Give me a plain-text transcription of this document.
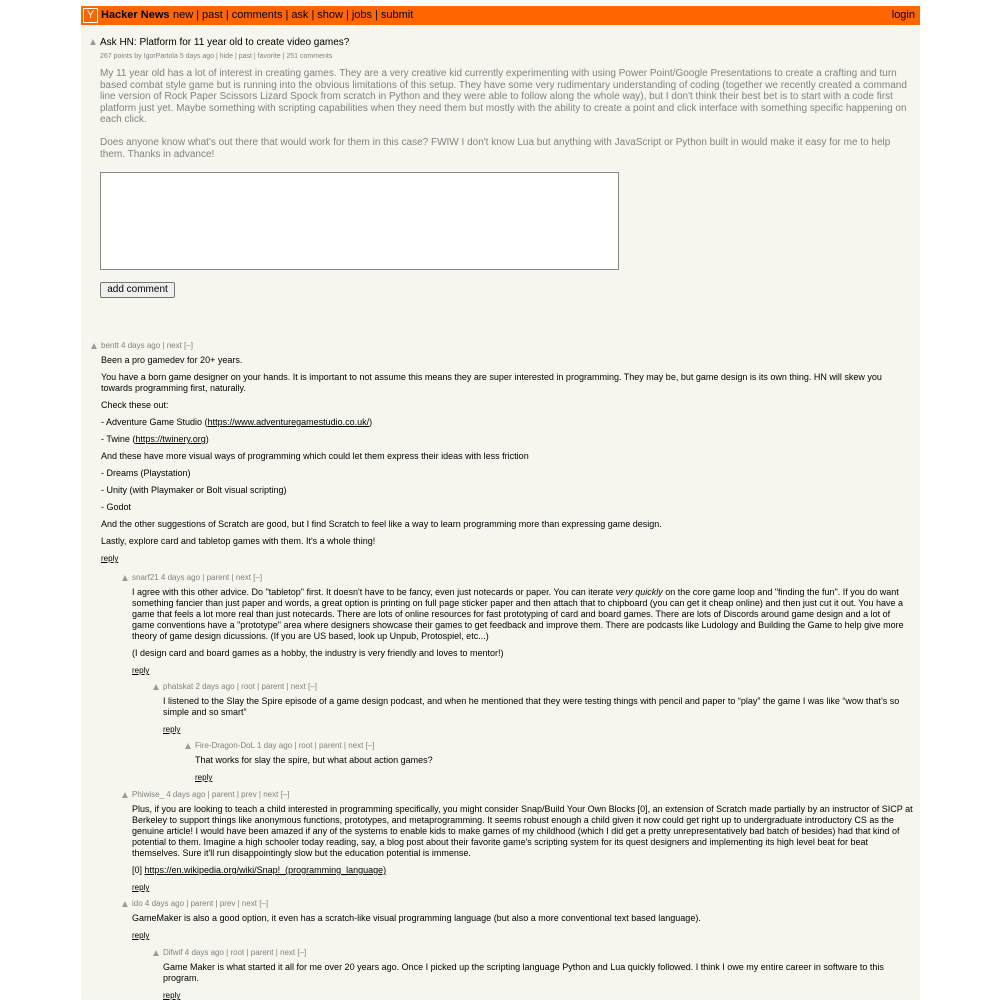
Y Hacker News new | past | comments | ask | show | jobs | submit	login
▲ Ask HN: Platform for 11 year old to create video games?
267 points by IgorPartola 5 days ago | hide | past | favorite | 251 comments

My 11 year old has a lot of interest in creating games. They are a very creative kid currently experimenting with using Power Point/Google Presentations to create a crafting and turn based combat style game but is running into the obvious limitations of this setup. They have some very rudimentary understanding of coding (together we recently created a command line version of Rock Paper Scissors Lizard Spock from scratch in Python and they were able to follow along the whole way), but I don't think their best bet is to start with a code first platform just yet. Maybe something with scripting capabilities when they need them but mostly with the ability to create a point and click interface with something specific happening on each click.

Does anyone know what's out there that would work for them in this case? FWIW I don't know Lua but anything with JavaScript or Python built in would make it easy for me to help them. Thanks in advance!

add comment
▲ bentt 4 days ago | next [–]

Been a pro gamedev for 20+ years.

You have a born game designer on your hands. It is important to not assume this means they are super interested in programming. They may be, but game design is its own thing. HN will skew you towards programming first, naturally.

Check these out:

- Adventure Game Studio (https://www.adventuregamestudio.co.uk/)

- Twine (https://twinery.org)

And these have more visual ways of programming which could let them express their ideas with less friction

- Dreams (Playstation)

- Unity (with Playmaker or Bolt visual scripting)

- Godot

And the other suggestions of Scratch are good, but I find Scratch to feel like a way to learn programming more than expressing game design.

Lastly, explore card and tabletop games with them. It's a whole thing!

reply
▲ snarf21 4 days ago | parent | next [–]

I agree with this other advice. Do "tabletop" first. It doesn't have to be fancy, even just notecards or paper. You can iterate very quickly on the core game loop and "finding the fun". If you do want something fancier than just paper and words, a great option is printing on full page sticker paper and then attach that to chipboard (you can get it cheap online) and then just cut it out. You have a game that feels a lot more real than just notecards. There are lots of online resources for fast prototyping of card and board games. There are lots of Discords around game design and a lot of game conventions have a "prototype" area where designers showcase their games to get feedback and improve them. There are podcasts like Ludology and Building the Game to help give more theory of game design dicussions. (If you are US based, look up Unpub, Protospiel, etc...)

(I design card and board games as a hobby, the industry is very friendly and loves to mentor!)

reply
▲ phatskat 2 days ago | root | parent | next [–]

I listened to the Slay the Spire episode of a game design podcast, and when he mentioned that they were testing things with pencil and paper to “play” the game I was like “wow that’s so simple and so smart”

reply
▲ Fire-Dragon-DoL 1 day ago | root | parent | next [–]

That works for slay the spire, but what about action games?

reply
▲ Phiwise_ 4 days ago | parent | prev | next [–]

Plus, if you are looking to teach a child interested in programming specifically, you might consider Snap/Build Your Own Blocks [0], an extension of Scratch made partially by an instructor of SICP at Berkeley to support things like anonymous functions, prototypes, and metaprogramming. It seems robust enough a child given it now could get right up to undergraduate introductory CS as the genuine article! I would have been amazed if any of the systems to enable kids to make games of my childhood (which I did get a pretty unrepresentatively bad batch of besides) had that kind of potential to them. Imagine a high schooler today reading, say, a blog post about their favorite game's scripting system for its quest designers and implementing its high level beat for beat themselves. Sure it'll run disappointingly slow but the education potential is immense.

[0] https://en.wikipedia.org/wiki/Snap!_(programming_language)

reply
▲ ido 4 days ago | parent | prev | next [–]

GameMaker is also a good option, it even has a scratch-like visual programming language (but also a more conventional text based language).

reply
▲ Difwif 4 days ago | root | parent | next [–]

Game Maker is what started it all for me over 20 years ago. Once I picked up the scripting language Python and Lua quickly followed. I think I owe my entire career in software to this program.

reply
